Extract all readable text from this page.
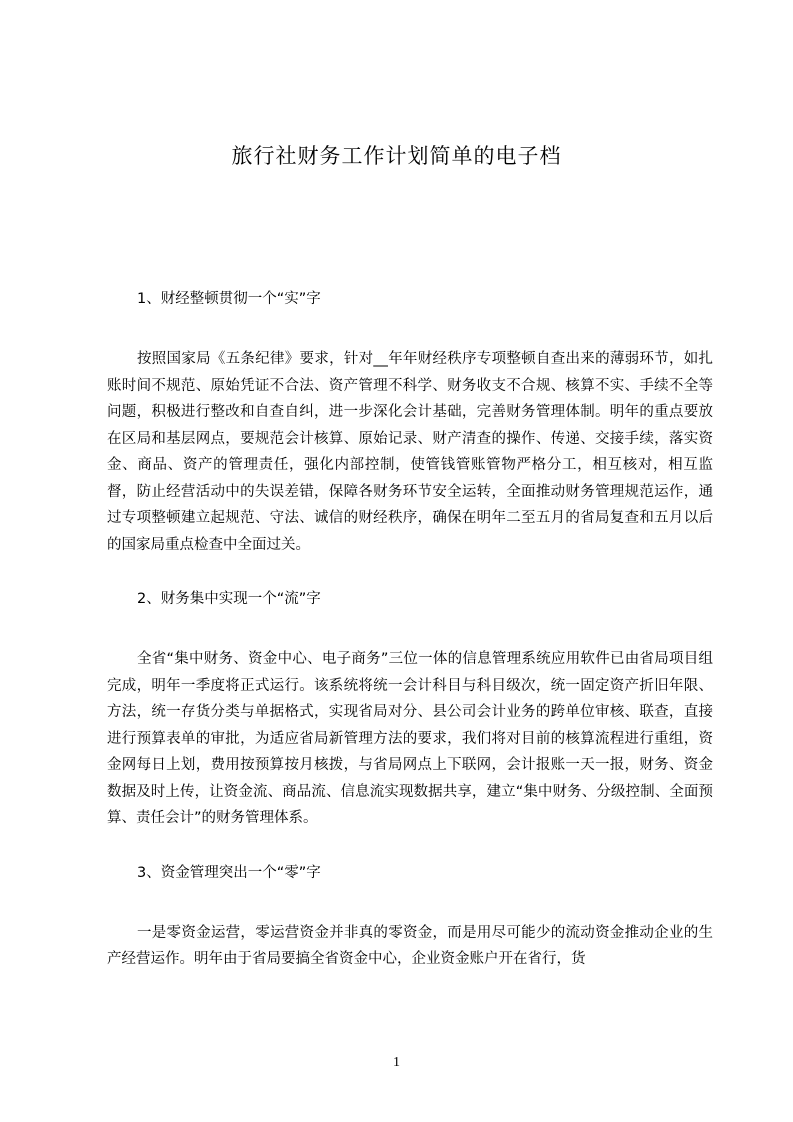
旅行社财务工作计划简单的电子档
1、财经整顿贯彻一个“实”字

按照国家局《五条纪律》要求，针对__年年财经秩序专项整顿自查出来的薄弱环节，如扎账时间不规范、原始凭证不合法、资产管理不科学、财务收支不合规、核算不实、手续不全等问题，积极进行整改和自查自纠，进一步深化会计基础，完善财务管理体制。明年的重点要放在区局和基层网点，要规范会计核算、原始记录、财产清查的操作、传递、交接手续，落实资金、商品、资产的管理责任，强化内部控制，使管钱管账管物严格分工，相互核对，相互监督，防止经营活动中的失误差错，保障各财务环节安全运转，全面推动财务管理规范运作，通过专项整顿建立起规范、守法、诚信的财经秩序，确保在明年二至五月的省局复查和五月以后的国家局重点检查中全面过关。

2、财务集中实现一个“流”字

全省“集中财务、资金中心、电子商务”三位一体的信息管理系统应用软件已由省局项目组完成，明年一季度将正式运行。该系统将统一会计科目与科目级次，统一固定资产折旧年限、方法，统一存货分类与单据格式，实现省局对分、县公司会计业务的跨单位审核、联查，直接进行预算表单的审批，为适应省局新管理方法的要求，我们将对目前的核算流程进行重组，资金网每日上划，费用按预算按月核拨，与省局网点上下联网，会计报账一天一报，财务、资金数据及时上传，让资金流、商品流、信息流实现数据共享，建立“集中财务、分级控制、全面预算、责任会计”的财务管理体系。

3、资金管理突出一个“零”字

一是零资金运营，零运营资金并非真的零资金，而是用尽可能少的流动资金推动企业的生产经营运作。明年由于省局要搞全省资金中心，企业资金账户开在省行，货

1
